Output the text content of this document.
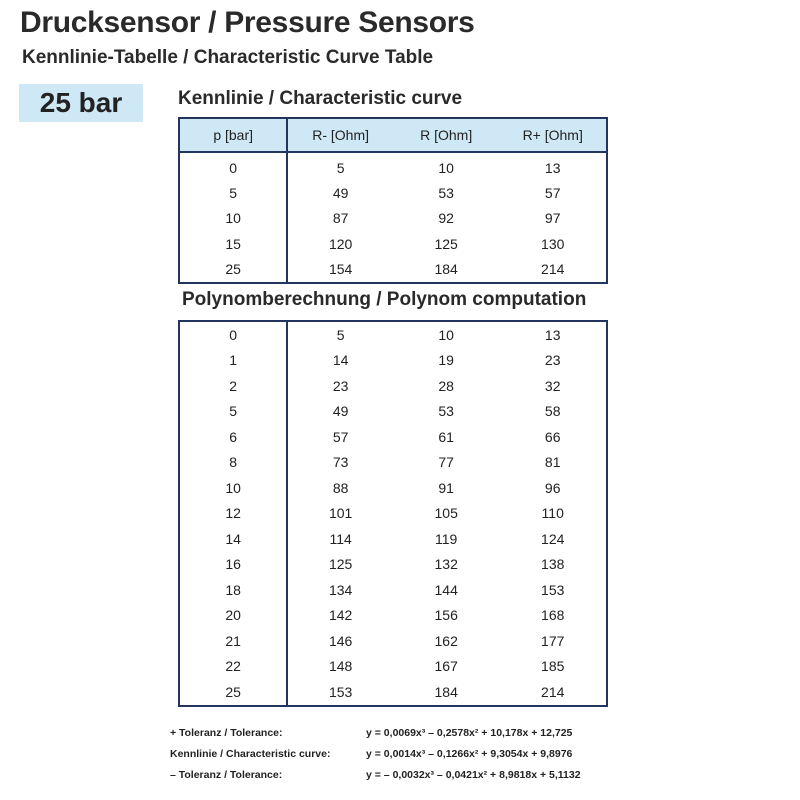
Drucksensor / Pressure Sensors
Kennlinie-Tabelle / Characteristic Curve Table
25 bar	Kennlinie / Characteristic curve
p [bar]	R- [Ohm]	R [Ohm]	R+ [Ohm]
0	5	10	13
5	49	53	57
10	87	92	97
15	120	125	130
25	154	184	214
Polynomberechnung / Polynom computation
0	5	10	13
1	14	19	23
2	23	28	32
5	49	53	58
6	57	61	66
8	73	77	81
10	88	91	96
12	101	105	110
14	114	119	124
16	125	132	138
18	134	144	153
20	142	156	168
21	146	162	177
22	148	167	185
25	153	184	214
+ Toleranz / Tolerance:	y = 0,0069x³ – 0,2578x² + 10,178x + 12,725
Kennlinie / Characteristic curve:	y = 0,0014x³ – 0,1266x² + 9,3054x + 9,8976
– Toleranz / Tolerance:	y = – 0,0032x³ – 0,0421x² + 8,9818x + 5,1132
